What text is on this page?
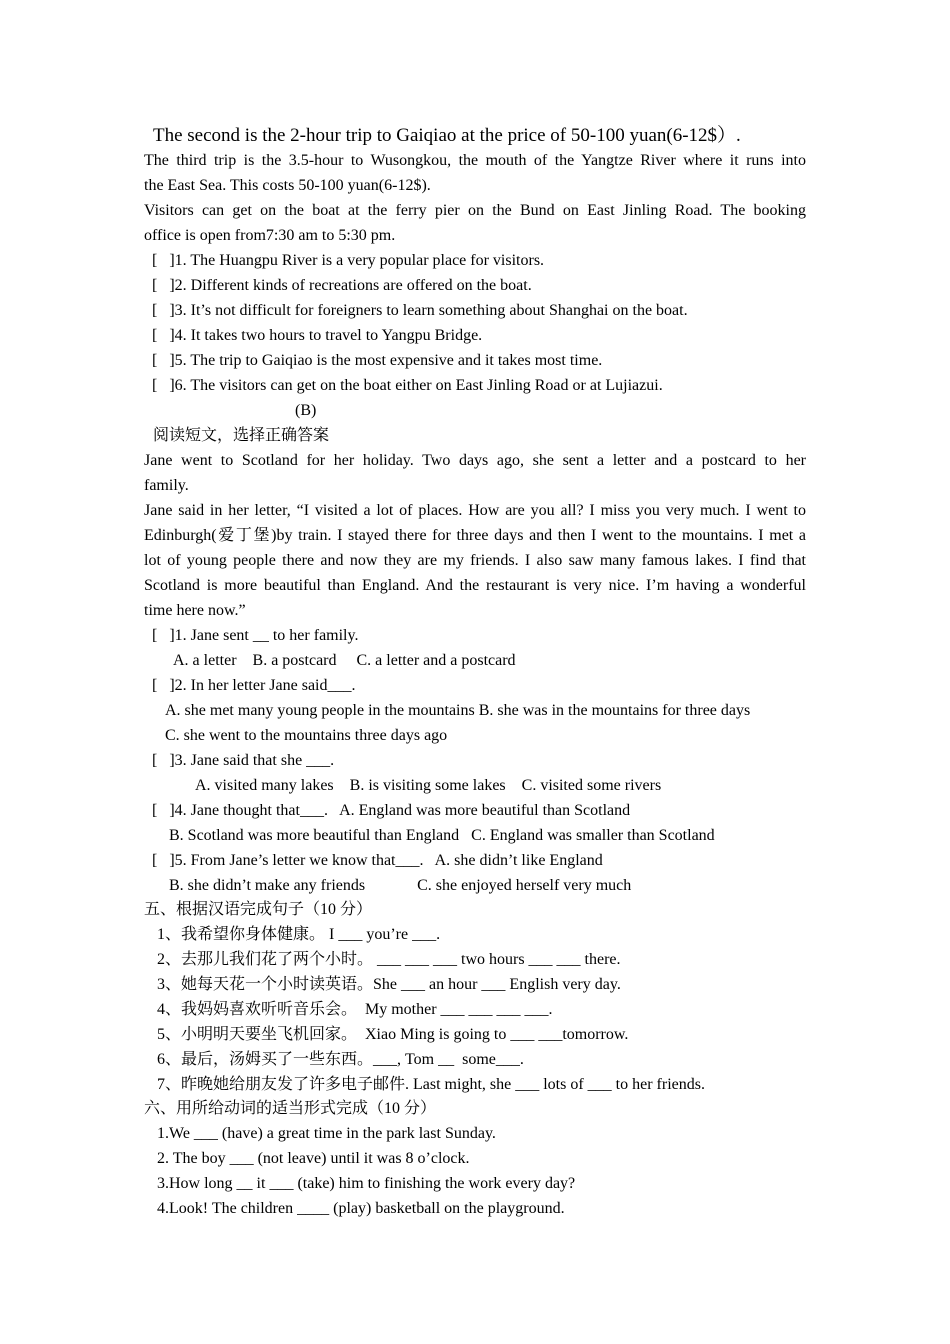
The second is the 2-hour trip to Gaiqiao at the price of 50-100 yuan(6-12$）.
The third trip is the 3.5-hour to Wusongkou, the mouth of the Yangtze River where it runs into
the East Sea. This costs 50-100 yuan(6-12$).
Visitors can get on the boat at the ferry pier on the Bund on East Jinling Road. The booking
office is open from7:30 am to 5:30 pm.
[   ]1. The Huangpu River is a very popular place for visitors.
[   ]2. Different kinds of recreations are offered on the boat.
[   ]3. It’s not difficult for foreigners to learn something about Shanghai on the boat.
[   ]4. It takes two hours to travel to Yangpu Bridge.
[   ]5. The trip to Gaiqiao is the most expensive and it takes most time.
[   ]6. The visitors can get on the boat either on East Jinling Road or at Lujiazui.
(B)
阅读短文，选择正确答案
Jane went to Scotland for her holiday. Two days ago, she sent a letter and a postcard to her
family.
Jane said in her letter, “I visited a lot of places. How are you all? I miss you very much. I went to
Edinburgh(爱丁堡)by train. I stayed there for three days and then I went to the mountains. I met a
lot of young people there and now they are my friends. I also saw many famous lakes. I find that
Scotland is more beautiful than England. And the restaurant is very nice. I’m having a wonderful
time here now.”
[   ]1. Jane sent __ to her family.
A. a letter    B. a postcard     C. a letter and a postcard
[   ]2. In her letter Jane said___.
A. she met many young people in the mountains B. she was in the mountains for three days
C. she went to the mountains three days ago
[   ]3. Jane said that she ___.
A. visited many lakes    B. is visiting some lakes    C. visited some rivers
[   ]4. Jane thought that___.   A. England was more beautiful than Scotland
B. Scotland was more beautiful than England   C. England was smaller than Scotland
[   ]5. From Jane’s letter we know that___.   A. she didn’t like England
B. she didn’t make any friends             C. she enjoyed herself very much
五、根据汉语完成句子（10 分）
1、我希望你身体健康。 I ___ you’re ___.
2、去那儿我们花了两个小时。 ___ ___ ___ two hours ___ ___ there.
3、她每天花一个小时读英语。She ___ an hour ___ English very day.
4、我妈妈喜欢听听音乐会。  My mother ___ ___ ___ ___.
5、小明明天要坐飞机回家。  Xiao Ming is going to ___ ___tomorrow.
6、最后，汤姆买了一些东西。___, Tom __  some___.
7、昨晚她给朋友发了许多电子邮件. Last might, she ___ lots of ___ to her friends.
六、用所给动词的适当形式完成（10 分）
1.We ___ (have) a great time in the park last Sunday.
2. The boy ___ (not leave) until it was 8 o’clock.
3.How long __ it ___ (take) him to finishing the work every day?
4.Look! The children ____ (play) basketball on the playground.
